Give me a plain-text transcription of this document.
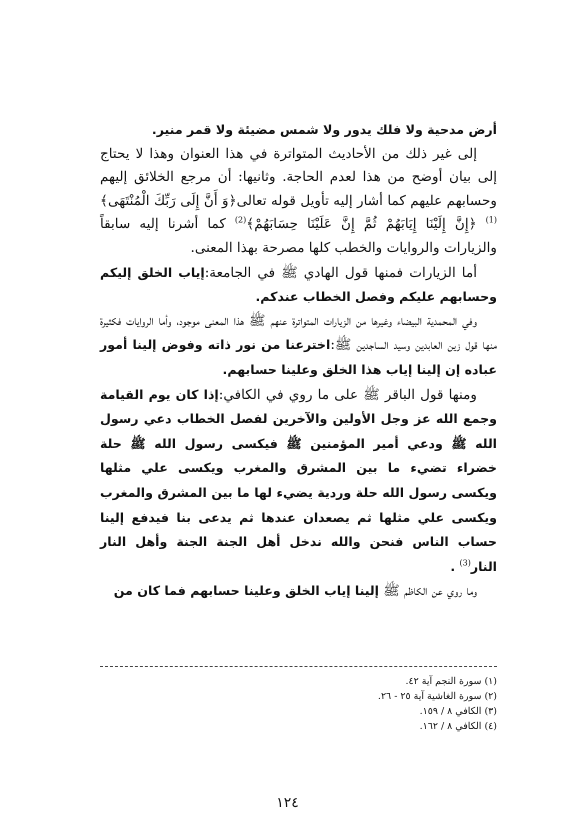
أرض مدحية ولا فلك يدور ولا شمس مضيئة ولا قمر منير.

إلى غير ذلك من الأحاديث المتواترة في هذا العنوان وهذا لا يحتاج إلى بيان أوضح من هذا لعدم الحاجة. وثانيها: أن مرجع الخلائق إليهم وحسابهم عليهم كما أشار إليه تأويل قوله تعالى﴿وَ أَنَّ إِلَى رَبِّكَ الْمُنْتَهَى﴾$^{(1)}$ ﴿إِنَّ إِلَيْنَا إِيَابَهُمْ ثُمَّ إِنَّ عَلَيْنَا حِسَابَهُمْ﴾$^{(2)}$ كما أشرنا إليه سابقاً والزيارات والروايات والخطب كلها مصرحة بهذا المعنى.

أما الزيارات فمنها قول الهادي ﷺ في الجامعة:إياب الخلق إليكم وحسابهم عليكم وفصل الخطاب عندكم.

وفي المحمدية البيضاء وغيرها من الزيارات المتواترة عنهم ﷺ هذا المعنى موجود، وأما الروايات فكثيرة منها قول زين العابدين وسيد الساجدين ﷺ:اخترعنا من نور ذاته وفوض إلينا أمور عباده إن إلينا إياب هذا الخلق وعلينا حسابهم.

ومنها قول الباقر ﷺ على ما روي في الكافي:إذا كان يوم القيامة وجمع الله عز وجل الأولين والآخرين لفصل الخطاب دعي رسول الله ﷺ ودعي أمير المؤمنين ﷺ فيكسى رسول الله ﷺ حلة خضراء تضيء ما بين المشرق والمغرب ويكسى علي مثلها ويكسى رسول الله حلة وردية يضيء لها ما بين المشرق والمغرب ويكسى علي مثلها ثم يصعدان عندها ثم يدعى بنا فيدفع إلينا حساب الناس فنحن والله ندخل أهل الجنة الجنة وأهل النار النار$^{(3)}$ .

وما روي عن الكاظم ﷺ إلينا إياب الخلق وعلينا حسابهم فما كان من

(١) سورة النجم آية ٤٢.
(٢) سورة الغاشية آية ٢٥ - ٢٦.
(٣) الكافي ٨ / ١٥٩.
(٤) الكافي ٨ / ١٦٢.
١٢٤
